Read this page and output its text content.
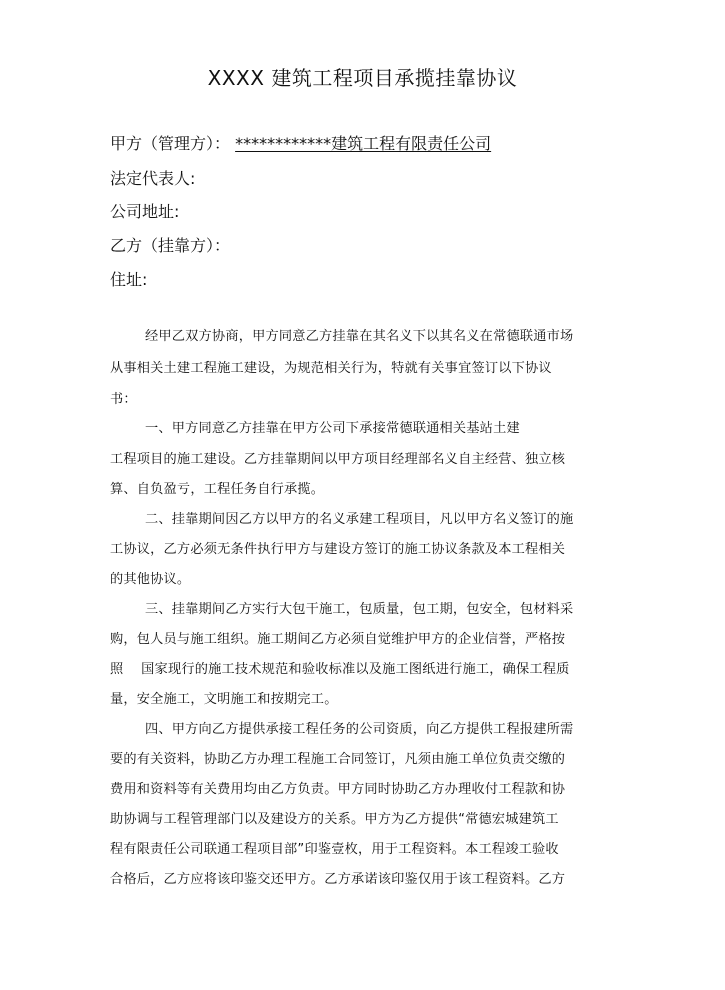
XXXX 建筑工程项目承揽挂靠协议
甲方（管理方）： ************建筑工程有限责任公司
法定代表人:
公司地址:
乙方（挂靠方）：
住址:
经甲乙双方协商，甲方同意乙方挂靠在其名义下以其名义在常德联通市场
从事相关土建工程施工建设，为规范相关行为，特就有关事宜签订以下协议
书：
一、甲方同意乙方挂靠在甲方公司下承接常德联通相关基站土建
工程项目的施工建设。乙方挂靠期间以甲方项目经理部名义自主经营、独立核
算、自负盈亏，工程任务自行承揽。
二、挂靠期间因乙方以甲方的名义承建工程项目，凡以甲方名义签订的施
工协议，乙方必须无条件执行甲方与建设方签订的施工协议条款及本工程相关
的其他协议。
三、挂靠期间乙方实行大包干施工，包质量，包工期，包安全，包材料采
购，包人员与施工组织。施工期间乙方必须自觉维护甲方的企业信誉，严格按
照　 国家现行的施工技术规范和验收标准以及施工图纸进行施工，确保工程质
量，安全施工，文明施工和按期完工。
四、甲方向乙方提供承接工程任务的公司资质，向乙方提供工程报建所需
要的有关资料，协助乙方办理工程施工合同签订，凡须由施工单位负责交缴的
费用和资料等有关费用均由乙方负责。甲方同时协助乙方办理收付工程款和协
助协调与工程管理部门以及建设方的关系。甲方为乙方提供“常德宏城建筑工
程有限责任公司联通工程项目部”印鉴壹枚，用于工程资料。本工程竣工验收
合格后，乙方应将该印鉴交还甲方。乙方承诺该印鉴仅用于该工程资料。乙方
